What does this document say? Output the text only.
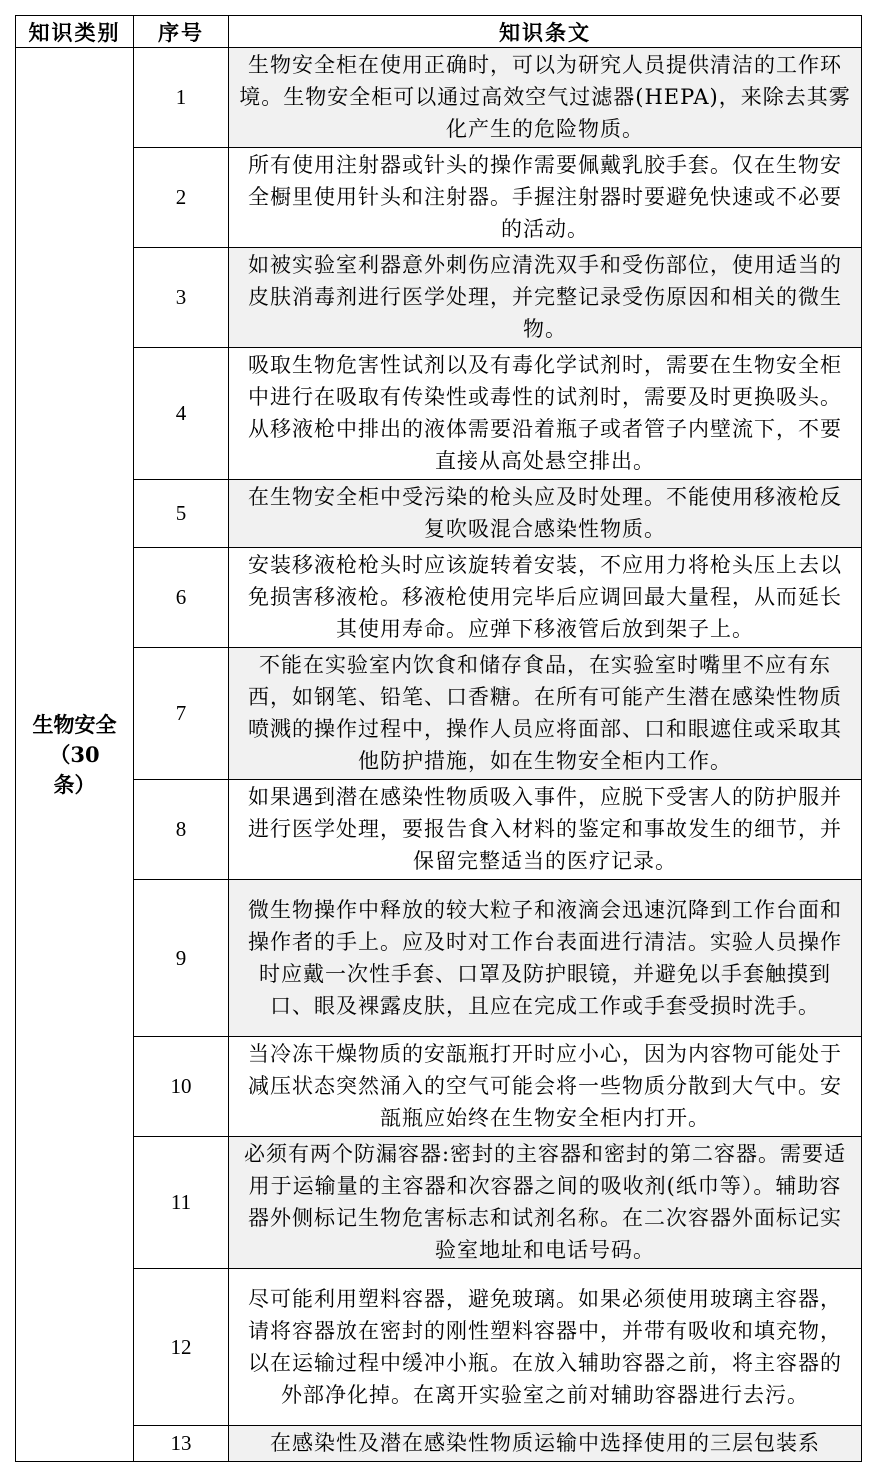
知识类别	序号	知识条文

生物安全
（30
条）	1	生物安全柜在使用正确时，可以为研究人员提供清洁的工作环境。生物安全柜可以通过高效空气过滤器(HEPA)，来除去其雾化产生的危险物质。
	2	所有使用注射器或针头的操作需要佩戴乳胶手套。仅在生物安全橱里使用针头和注射器。手握注射器时要避免快速或不必要的活动。
	3	如被实验室利器意外刺伤应清洗双手和受伤部位，使用适当的皮肤消毒剂进行医学处理，并完整记录受伤原因和相关的微生物。
	4	吸取生物危害性试剂以及有毒化学试剂时，需要在生物安全柜中进行在吸取有传染性或毒性的试剂时，需要及时更换吸头。从移液枪中排出的液体需要沿着瓶子或者管子内壁流下，不要直接从高处悬空排出。
	5	在生物安全柜中受污染的枪头应及时处理。不能使用移液枪反复吹吸混合感染性物质。
	6	安装移液枪枪头时应该旋转着安装，不应用力将枪头压上去以免损害移液枪。移液枪使用完毕后应调回最大量程，从而延长其使用寿命。应弹下移液管后放到架子上。
	7	不能在实验室内饮食和储存食品，在实验室时嘴里不应有东西，如钢笔、铅笔、口香糖。在所有可能产生潜在感染性物质喷溅的操作过程中，操作人员应将面部、口和眼遮住或采取其他防护措施，如在生物安全柜内工作。
	8	如果遇到潜在感染性物质吸入事件，应脱下受害人的防护服并进行医学处理，要报告食入材料的鉴定和事故发生的细节，并保留完整适当的医疗记录。
	9	微生物操作中释放的较大粒子和液滴会迅速沉降到工作台面和操作者的手上。应及时对工作台表面进行清洁。实验人员操作时应戴一次性手套、口罩及防护眼镜，并避免以手套触摸到口、眼及裸露皮肤，且应在完成工作或手套受损时洗手。
	10	当冷冻干燥物质的安瓿瓶打开时应小心，因为内容物可能处于减压状态突然涌入的空气可能会将一些物质分散到大气中。安瓿瓶应始终在生物安全柜内打开。
	11	必须有两个防漏容器:密封的主容器和密封的第二容器。需要适用于运输量的主容器和次容器之间的吸收剂(纸巾等）。辅助容器外侧标记生物危害标志和试剂名称。在二次容器外面标记实验室地址和电话号码。
	12	尽可能利用塑料容器，避免玻璃。如果必须使用玻璃主容器，请将容器放在密封的刚性塑料容器中，并带有吸收和填充物，以在运输过程中缓冲小瓶。在放入辅助容器之前，将主容器的外部净化掉。在离开实验室之前对辅助容器进行去污。
	13	在感染性及潜在感染性物质运输中选择使用的三层包装系
